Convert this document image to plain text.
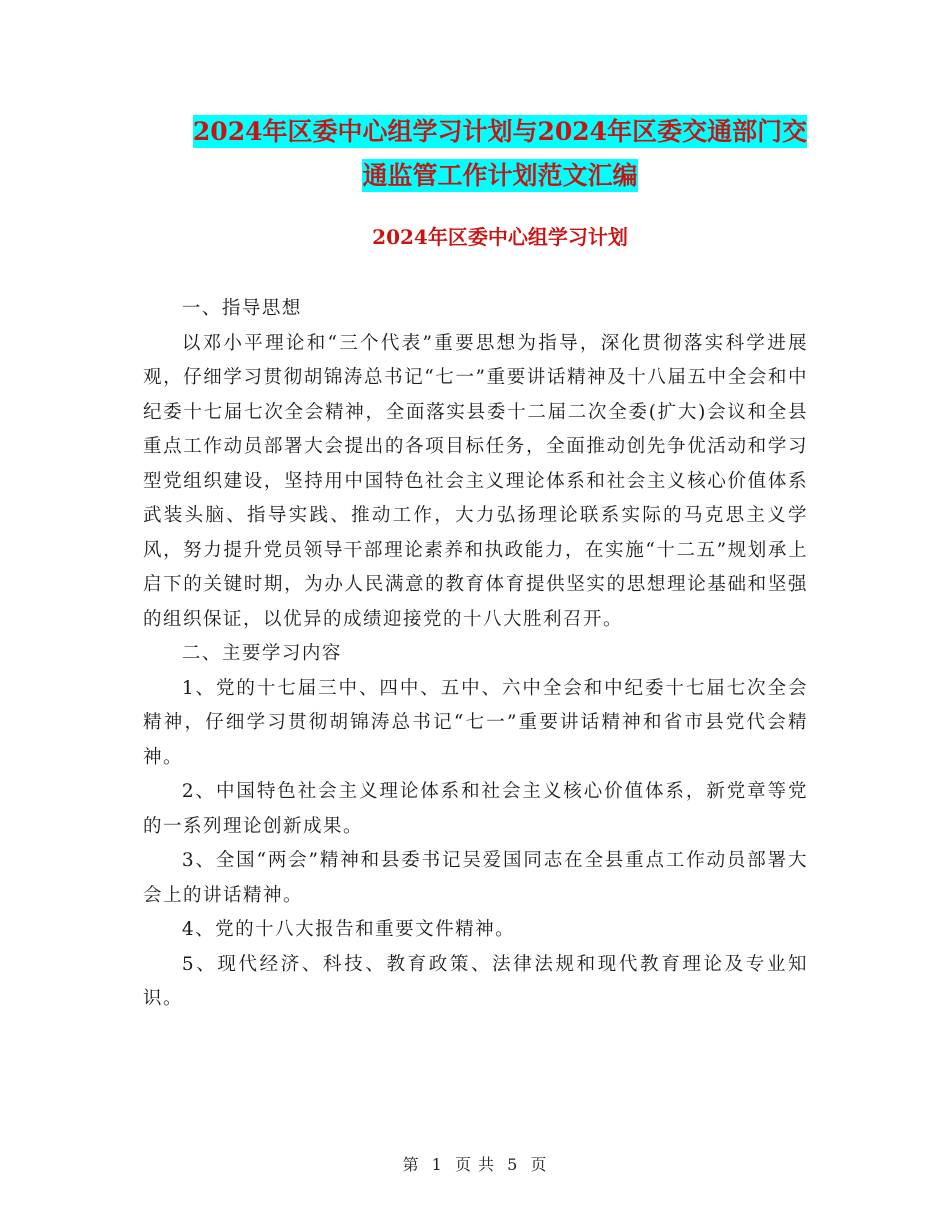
2024年区委中心组学习计划与2024年区委交通部门交
通监管工作计划范文汇编
2024年区委中心组学习计划

一、指导思想

以邓小平理论和“三个代表”重要思想为指导，深化贯彻落实科学进展观，仔细学习贯彻胡锦涛总书记“七一”重要讲话精神及十八届五中全会和中纪委十七届七次全会精神，全面落实县委十二届二次全委(扩大)会议和全县重点工作动员部署大会提出的各项目标任务，全面推动创先争优活动和学习型党组织建设，坚持用中国特色社会主义理论体系和社会主义核心价值体系武装头脑、指导实践、推动工作，大力弘扬理论联系实际的马克思主义学风，努力提升党员领导干部理论素养和执政能力，在实施“十二五”规划承上启下的关键时期，为办人民满意的教育体育提供坚实的思想理论基础和坚强的组织保证，以优异的成绩迎接党的十八大胜利召开。

二、主要学习内容

1、党的十七届三中、四中、五中、六中全会和中纪委十七届七次全会精神，仔细学习贯彻胡锦涛总书记“七一”重要讲话精神和省市县党代会精神。

2、中国特色社会主义理论体系和社会主义核心价值体系，新党章等党的一系列理论创新成果。

3、全国“两会”精神和县委书记吴爱国同志在全县重点工作动员部署大会上的讲话精神。

4、党的十八大报告和重要文件精神。

5、现代经济、科技、教育政策、法律法规和现代教育理论及专业知识。

第 1 页 共 5 页
